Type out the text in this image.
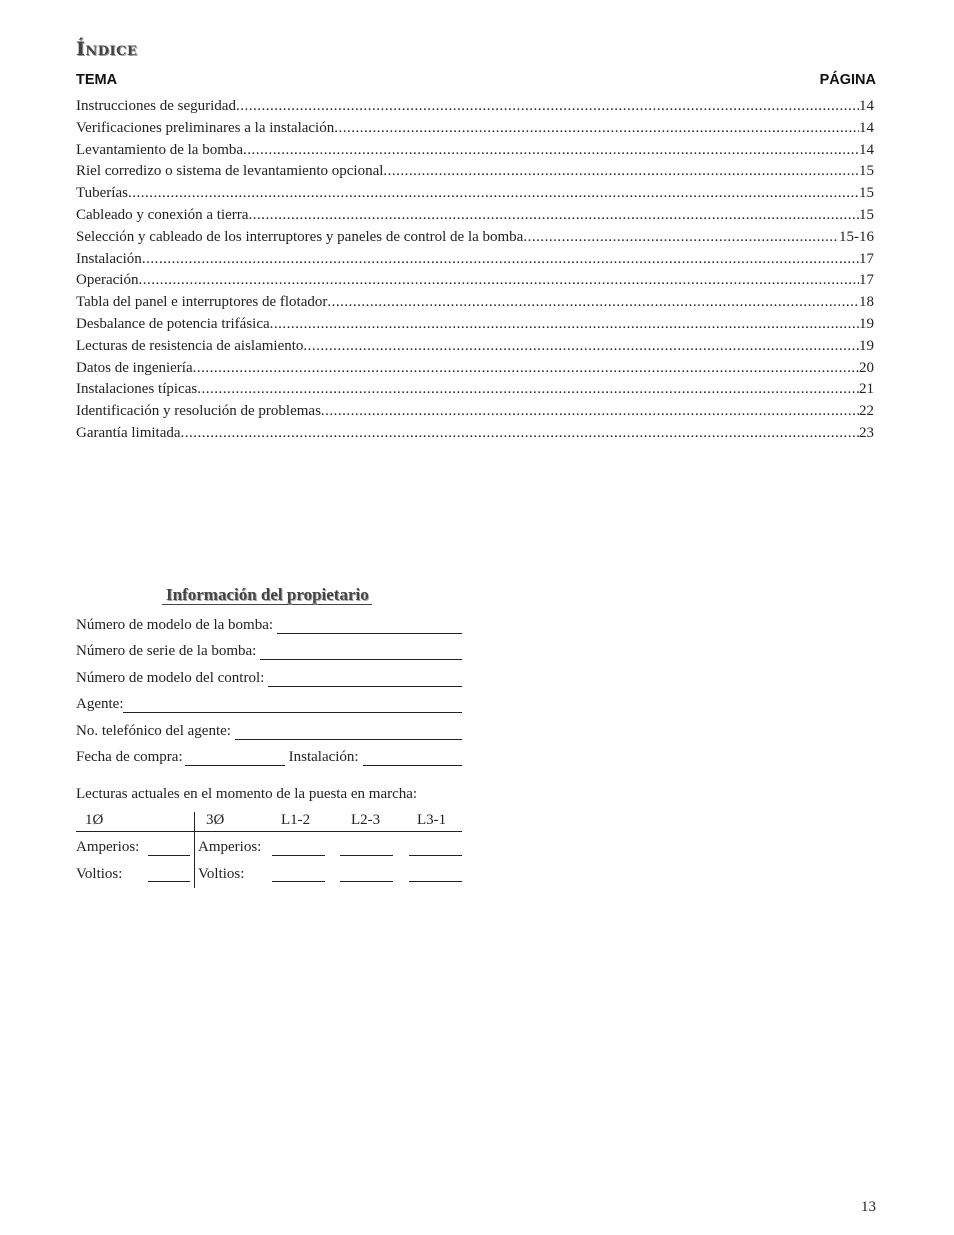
Índice
TEMA	PÁGINA
Instrucciones de seguridad .....	14
Verificaciones preliminares a la instalación .....	14
Levantamiento de la bomba .....	14
Riel corredizo o sistema de levantamiento opcional .....	15
Tuberías .....	15
Cableado y conexión a tierra .....	15
Selección y cableado de los interruptores y paneles de control de la bomba .....	15-16
Instalación .....	17
Operación .....	17
Tabla del panel e interruptores de flotador .....	18
Desbalance de potencia trifásica .....	19
Lecturas de resistencia de aislamiento .....	19
Datos de ingeniería .....	20
Instalaciones típicas .....	21
Identificación y resolución de problemas .....	22
Garantía limitada .....	23
Información del propietario
Número de modelo de la bomba:
Número de serie de la bomba:
Número de modelo del control:
Agente:
No. telefónico del agente:
Fecha de compra:	Instalación:
Lecturas actuales en el momento de la puesta en marcha:
1Ø	3Ø	L1-2	L2-3 L3-1
Amperios:	Amperios:
Voltios:	Voltios:
13
